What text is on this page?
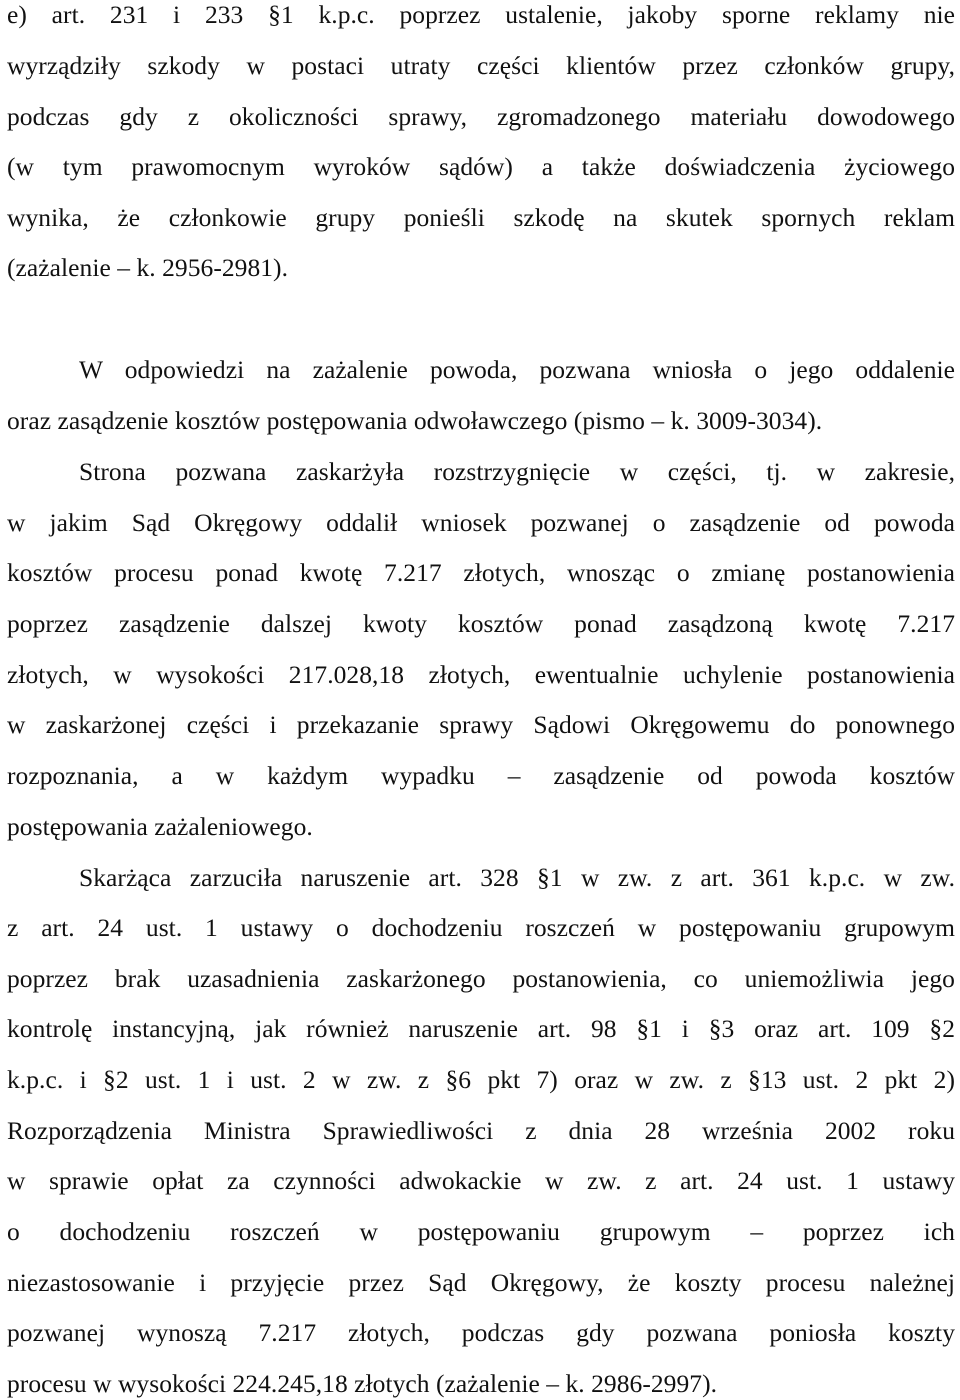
e) art. 231 i 233 §1 k.p.c. poprzez ustalenie, jakoby sporne reklamy nie
wyrządziły szkody w postaci utraty części klientów przez członków grupy,
podczas gdy z okoliczności sprawy, zgromadzonego materiału dowodowego
(w tym prawomocnym wyroków sądów) a także doświadczenia życiowego
wynika, że członkowie grupy ponieśli szkodę na skutek spornych reklam
(zażalenie – k. 2956-2981).
W odpowiedzi na zażalenie powoda, pozwana wniosła o jego oddalenie
oraz zasądzenie kosztów postępowania odwoławczego (pismo – k. 3009-3034).
Strona pozwana zaskarżyła rozstrzygnięcie w części, tj. w zakresie,
w jakim Sąd Okręgowy oddalił wniosek pozwanej o zasądzenie od powoda
kosztów procesu ponad kwotę 7.217 złotych, wnosząc o zmianę postanowienia
poprzez zasądzenie dalszej kwoty kosztów ponad zasądzoną kwotę 7.217
złotych, w wysokości 217.028,18 złotych, ewentualnie uchylenie postanowienia
w zaskarżonej części i przekazanie sprawy Sądowi Okręgowemu do ponownego
rozpoznania, a w każdym wypadku – zasądzenie od powoda kosztów
postępowania zażaleniowego.
Skarżąca zarzuciła naruszenie art. 328 §1 w zw. z art. 361 k.p.c. w zw.
z art. 24 ust. 1 ustawy o dochodzeniu roszczeń w postępowaniu grupowym
poprzez brak uzasadnienia zaskarżonego postanowienia, co uniemożliwia jego
kontrolę instancyjną, jak również naruszenie art. 98 §1 i §3 oraz art. 109 §2
k.p.c. i §2 ust. 1 i ust. 2 w zw. z §6 pkt 7) oraz w zw. z §13 ust. 2 pkt 2)
Rozporządzenia Ministra Sprawiedliwości z dnia 28 września 2002 roku
w sprawie opłat za czynności adwokackie w zw. z art. 24 ust. 1 ustawy
o dochodzeniu roszczeń w postępowaniu grupowym – poprzez ich
niezastosowanie i przyjęcie przez Sąd Okręgowy, że koszty procesu należnej
pozwanej wynoszą 7.217 złotych, podczas gdy pozwana poniosła koszty
procesu w wysokości 224.245,18 złotych (zażalenie – k. 2986-2997).
